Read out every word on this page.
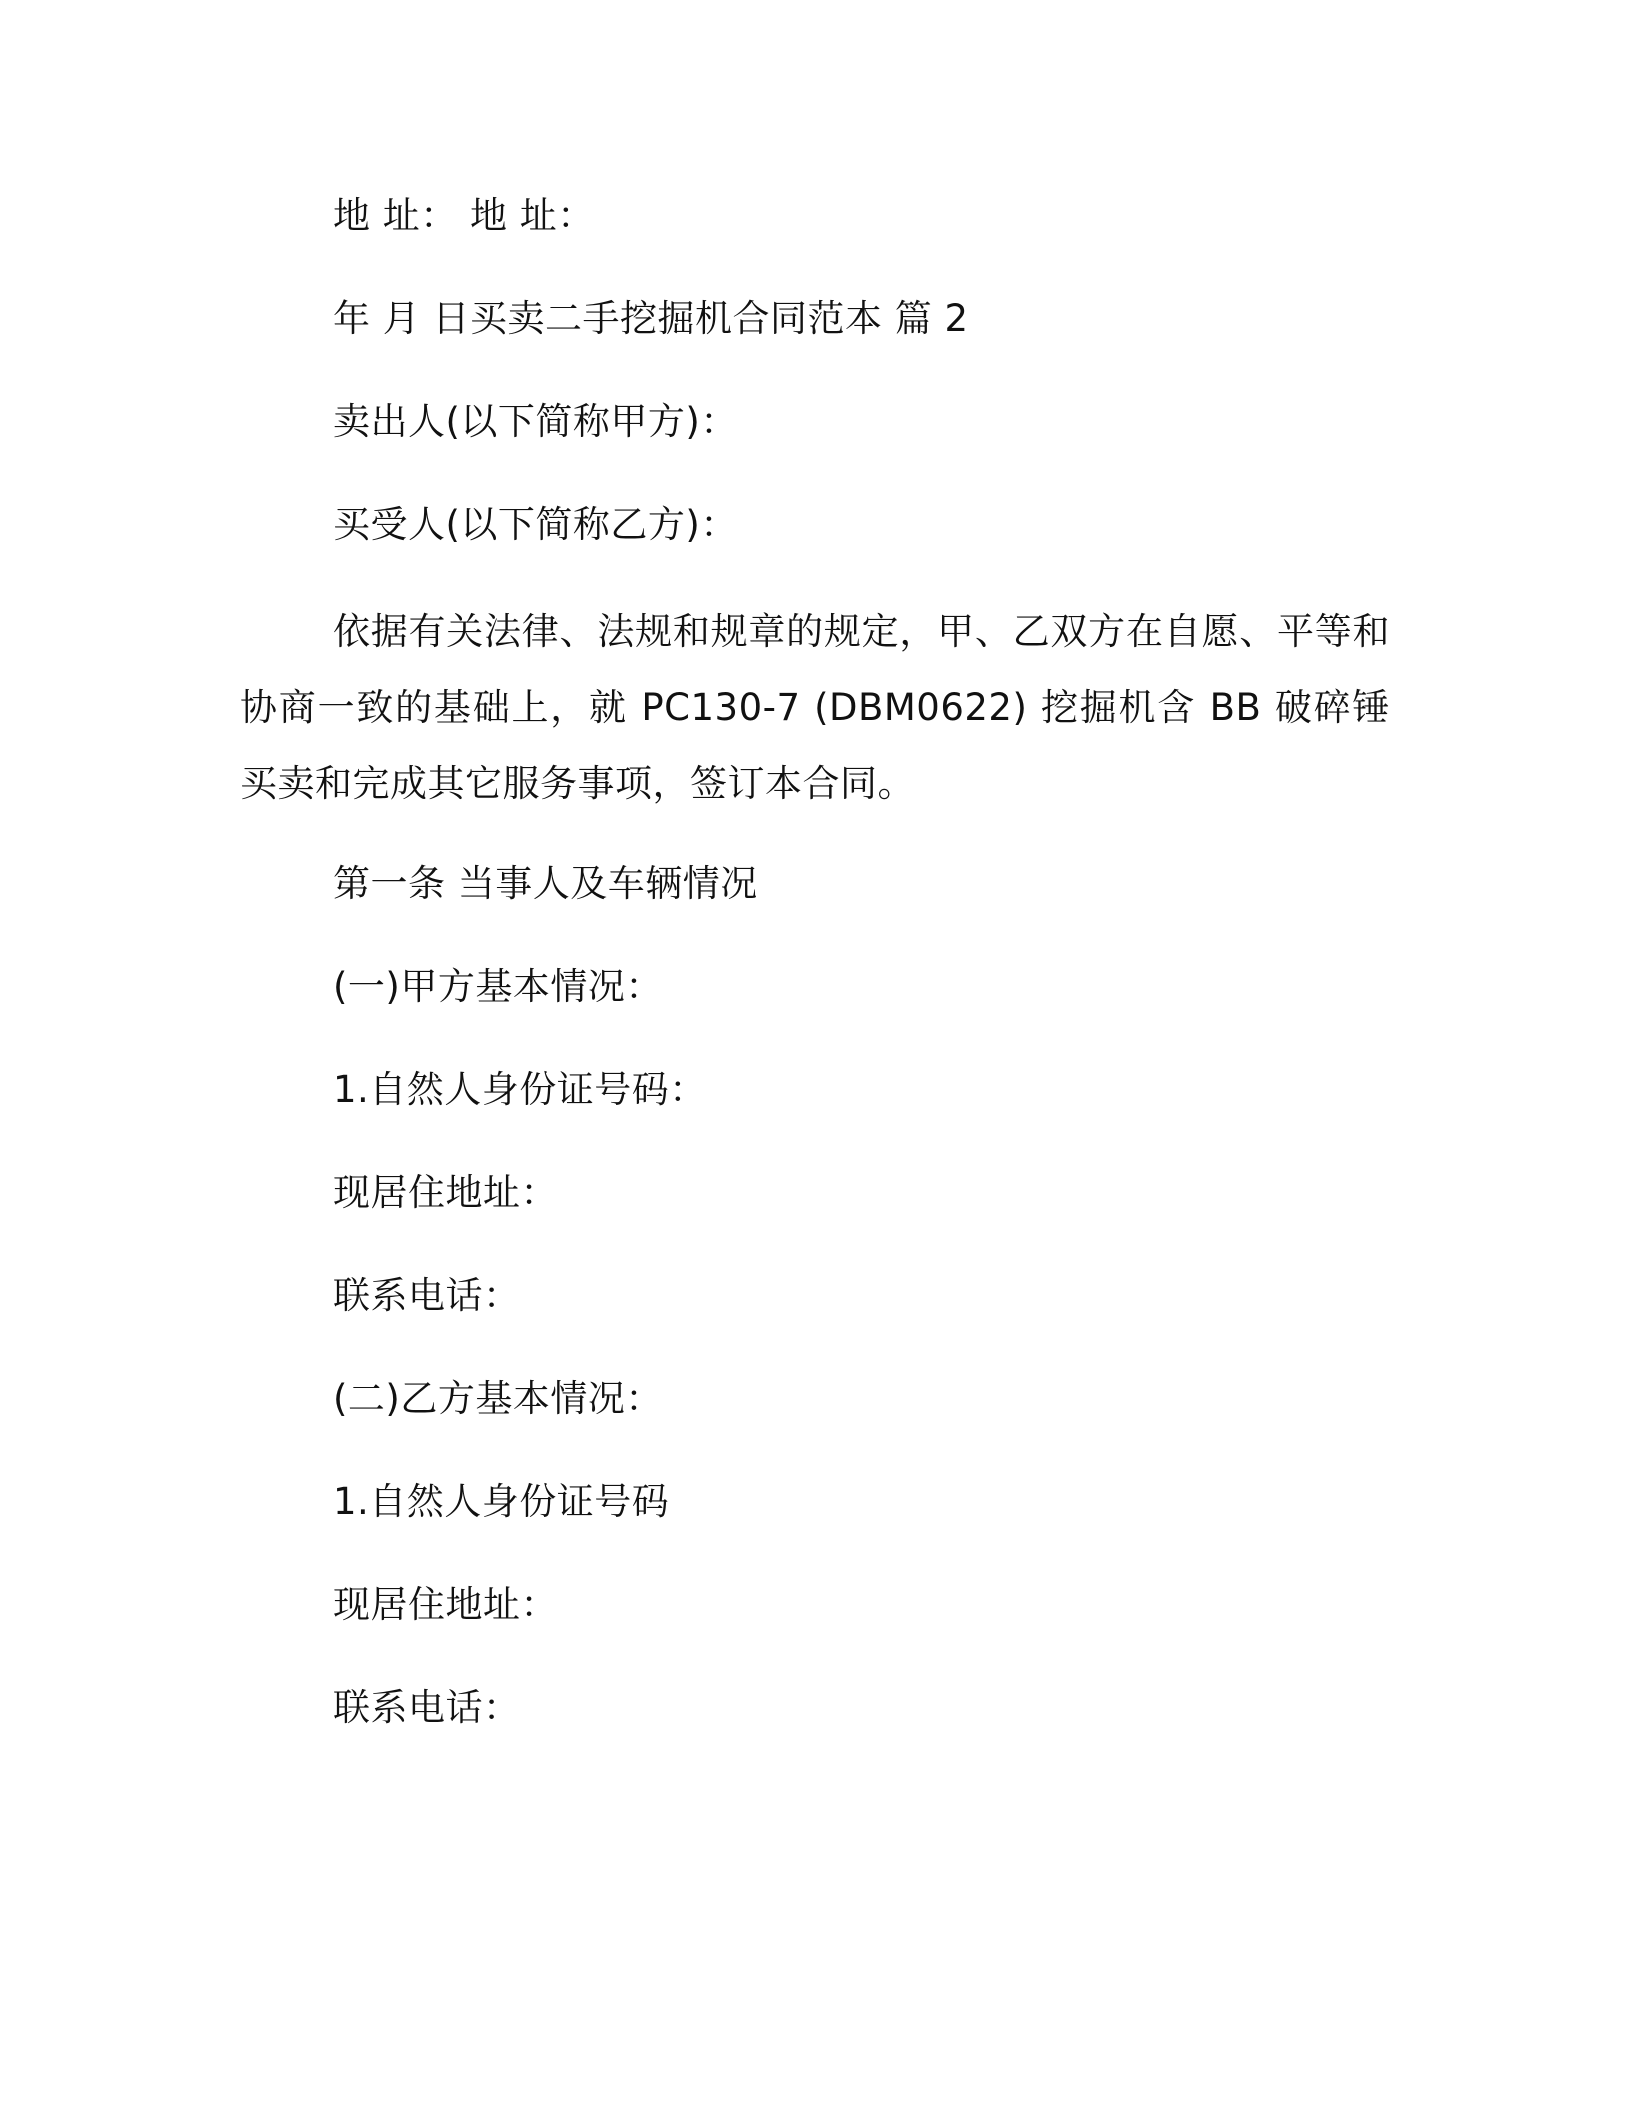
地 址： 地 址：
年 月 日买卖二手挖掘机合同范本 篇 2
卖出人(以下简称甲方)：
买受人(以下简称乙方)：
依据有关法律、法规和规章的规定，甲、乙双方在自愿、平等和协商一致的基础上，就 PC130-7 (DBM0622) 挖掘机含 BB 破碎锤买卖和完成其它服务事项，签订本合同。
第一条 当事人及车辆情况
(一)甲方基本情况：
1.自然人身份证号码：
现居住地址：
联系电话：
(二)乙方基本情况：
1.自然人身份证号码
现居住地址：
联系电话：
